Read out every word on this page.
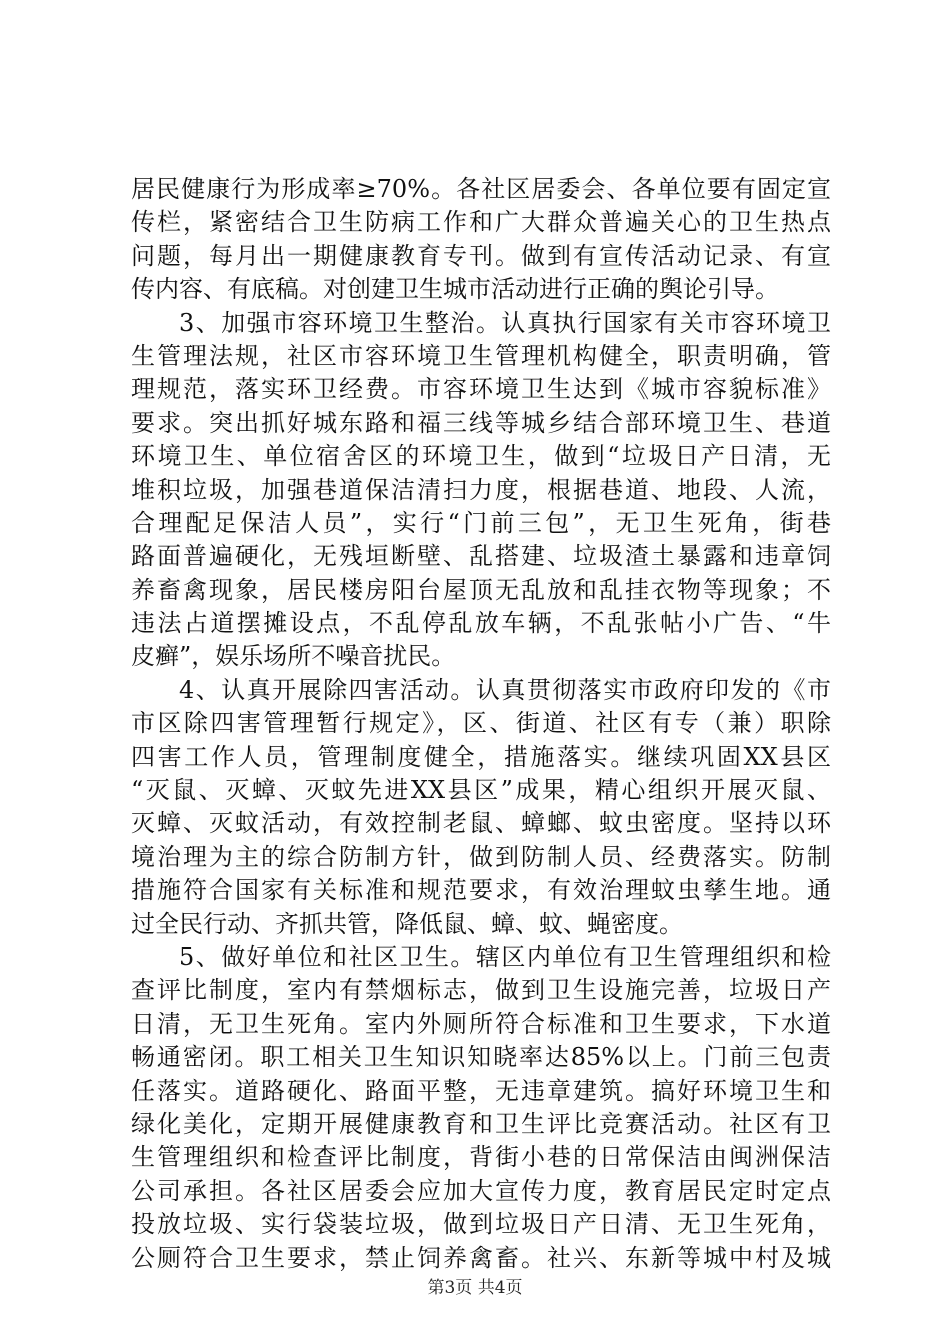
居民健康行为形成率≥70%。各社区居委会、各单位要有固定宣
传栏，紧密结合卫生防病工作和广大群众普遍关心的卫生热点
问题，每月出一期健康教育专刊。做到有宣传活动记录、有宣
传内容、有底稿。对创建卫生城市活动进行正确的舆论引导。
3、加强市容环境卫生整治。认真执行国家有关市容环境卫
生管理法规，社区市容环境卫生管理机构健全，职责明确，管
理规范，落实环卫经费。市容环境卫生达到《城市容貌标准》
要求。突出抓好城东路和福三线等城乡结合部环境卫生、巷道
环境卫生、单位宿舍区的环境卫生，做到“垃圾日产日清，无
堆积垃圾，加强巷道保洁清扫力度，根据巷道、地段、人流，
合理配足保洁人员”，实行“门前三包”，无卫生死角，街巷
路面普遍硬化，无残垣断壁、乱搭建、垃圾渣土暴露和违章饲
养畜禽现象，居民楼房阳台屋顶无乱放和乱挂衣物等现象；不
违法占道摆摊设点，不乱停乱放车辆，不乱张帖小广告、“牛
皮癣”，娱乐场所不噪音扰民。
4、认真开展除四害活动。认真贯彻落实市政府印发的《市
市区除四害管理暂行规定》，区、街道、社区有专（兼）职除
四害工作人员，管理制度健全，措施落实。继续巩固XX县区
“灭鼠、灭蟑、灭蚊先进XX县区”成果，精心组织开展灭鼠、
灭蟑、灭蚊活动，有效控制老鼠、蟑螂、蚊虫密度。坚持以环
境治理为主的综合防制方针，做到防制人员、经费落实。防制
措施符合国家有关标准和规范要求，有效治理蚊虫孳生地。通
过全民行动、齐抓共管，降低鼠、蟑、蚊、蝇密度。
5、做好单位和社区卫生。辖区内单位有卫生管理组织和检
查评比制度，室内有禁烟标志，做到卫生设施完善，垃圾日产
日清，无卫生死角。室内外厕所符合标准和卫生要求，下水道
畅通密闭。职工相关卫生知识知晓率达85%以上。门前三包责
任落实。道路硬化、路面平整，无违章建筑。搞好环境卫生和
绿化美化，定期开展健康教育和卫生评比竞赛活动。社区有卫
生管理组织和检查评比制度，背街小巷的日常保洁由闽洲保洁
公司承担。各社区居委会应加大宣传力度，教育居民定时定点
投放垃圾、实行袋装垃圾，做到垃圾日产日清、无卫生死角，
公厕符合卫生要求，禁止饲养禽畜。社兴、东新等城中村及城
第3页 共4页
